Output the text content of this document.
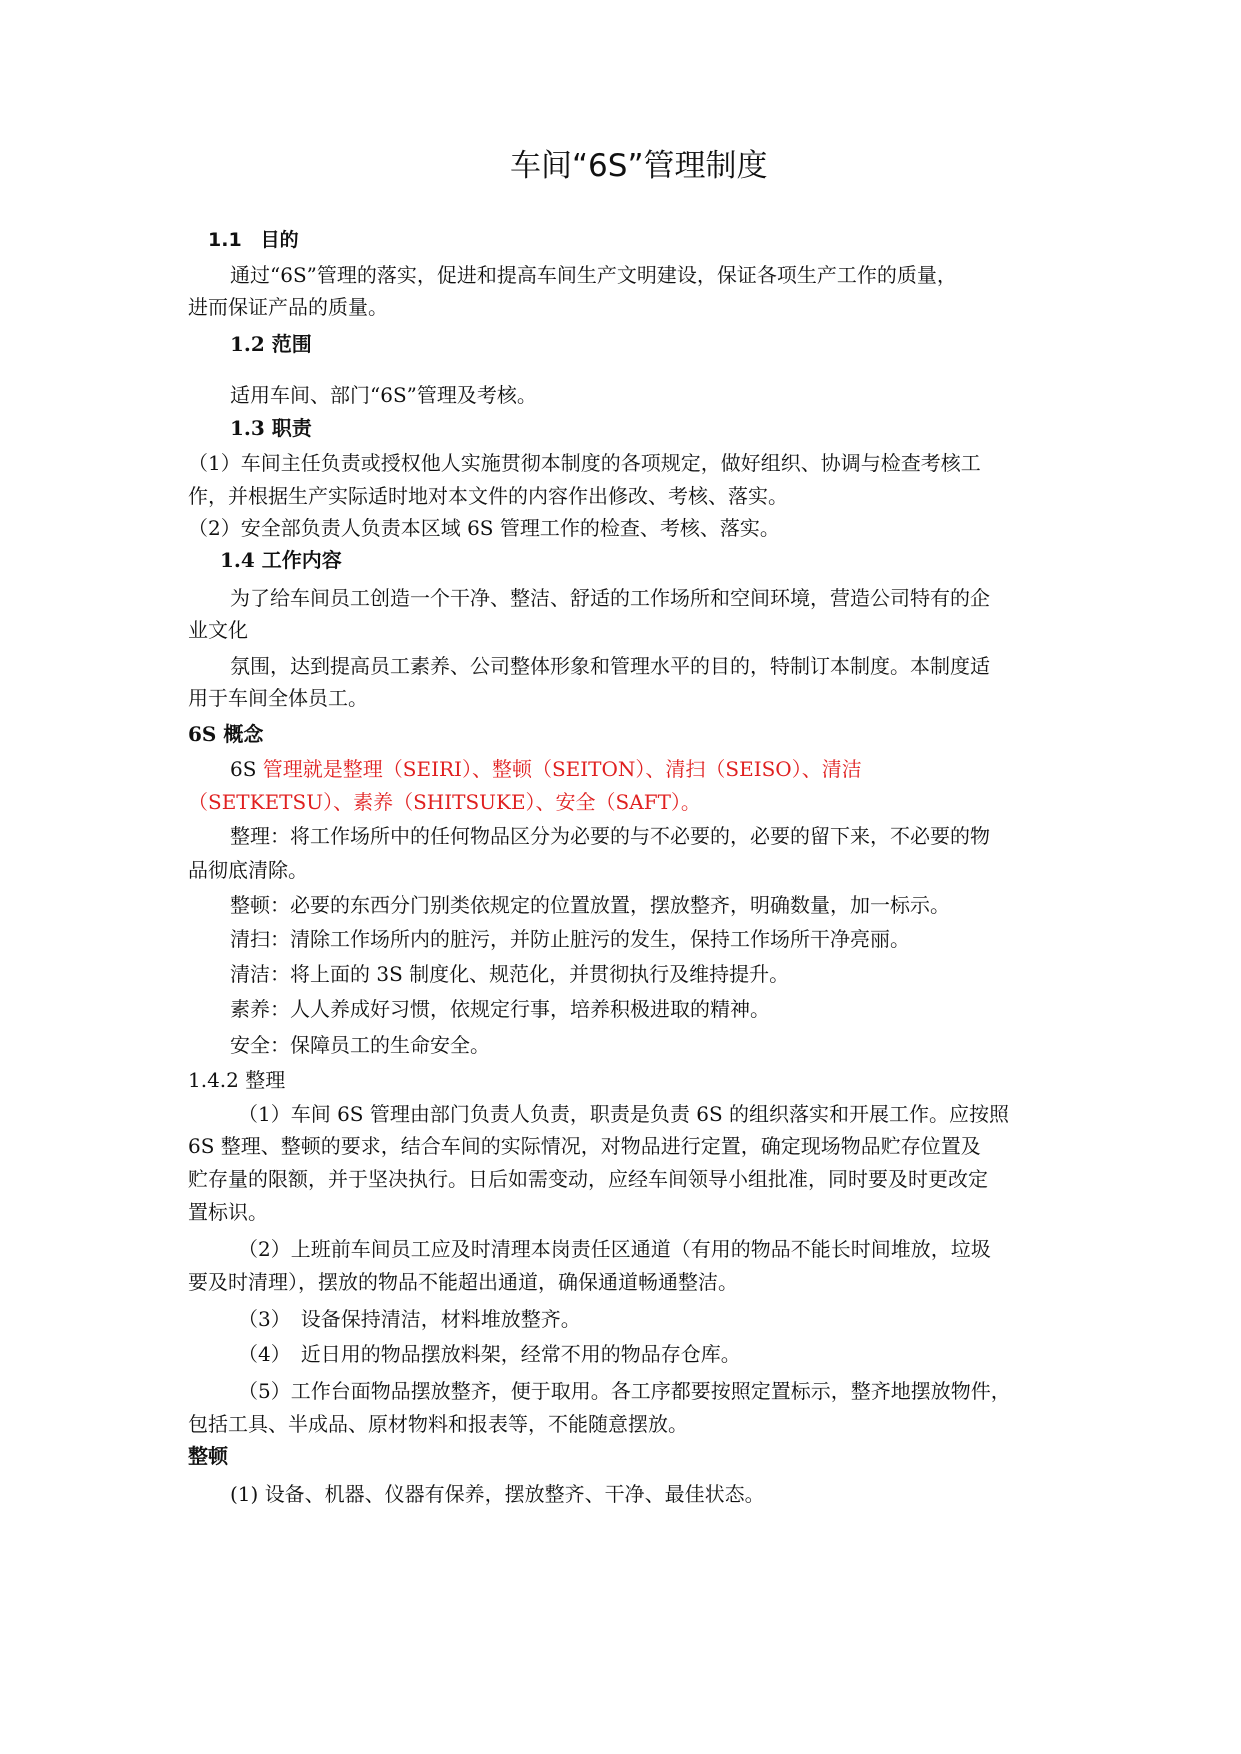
车间“6S”管理制度
1.1　目的
通过“6S”管理的落实，促进和提高车间生产文明建设，保证各项生产工作的质量，
进而保证产品的质量。
1.2 范围
适用车间、部门“6S”管理及考核。
1.3 职责
（1）车间主任负责或授权他人实施贯彻本制度的各项规定，做好组织、协调与检查考核工
作，并根据生产实际适时地对本文件的内容作出修改、考核、落实。
（2）安全部负责人负责本区域 6S 管理工作的检查、考核、落实。
1.4 工作内容
为了给车间员工创造一个干净、整洁、舒适的工作场所和空间环境，营造公司特有的企
业文化
氛围，达到提高员工素养、公司整体形象和管理水平的目的，特制订本制度。本制度适
用于车间全体员工。
6S 概念
6S 管理就是整理（SEIRI）、整顿（SEITON）、清扫（SEISO）、清洁
（SETKETSU）、素养（SHITSUKE）、安全（SAFT）。
整理：将工作场所中的任何物品区分为必要的与不必要的，必要的留下来，不必要的物
品彻底清除。
整顿：必要的东西分门别类依规定的位置放置，摆放整齐，明确数量，加一标示。
清扫：清除工作场所内的脏污，并防止脏污的发生，保持工作场所干净亮丽。
清洁：将上面的 3S 制度化、规范化，并贯彻执行及维持提升。
素养：人人养成好习惯，依规定行事，培养积极进取的精神。
安全：保障员工的生命安全。
1.4.2 整理
（1）车间 6S 管理由部门负责人负责，职责是负责 6S 的组织落实和开展工作。应按照
6S 整理、整顿的要求，结合车间的实际情况，对物品进行定置，确定现场物品贮存位置及
贮存量的限额，并于坚决执行。日后如需变动，应经车间领导小组批准，同时要及时更改定
置标识。
（2）上班前车间员工应及时清理本岗责任区通道（有用的物品不能长时间堆放，垃圾
要及时清理），摆放的物品不能超出通道，确保通道畅通整洁。
（3）　设备保持清洁，材料堆放整齐。
（4）　近日用的物品摆放料架，经常不用的物品存仓库。
（5）工作台面物品摆放整齐，便于取用。各工序都要按照定置标示，整齐地摆放物件，
包括工具、半成品、原材物料和报表等，不能随意摆放。
整顿
(1) 设备、机器、仪器有保养，摆放整齐、干净、最佳状态。
